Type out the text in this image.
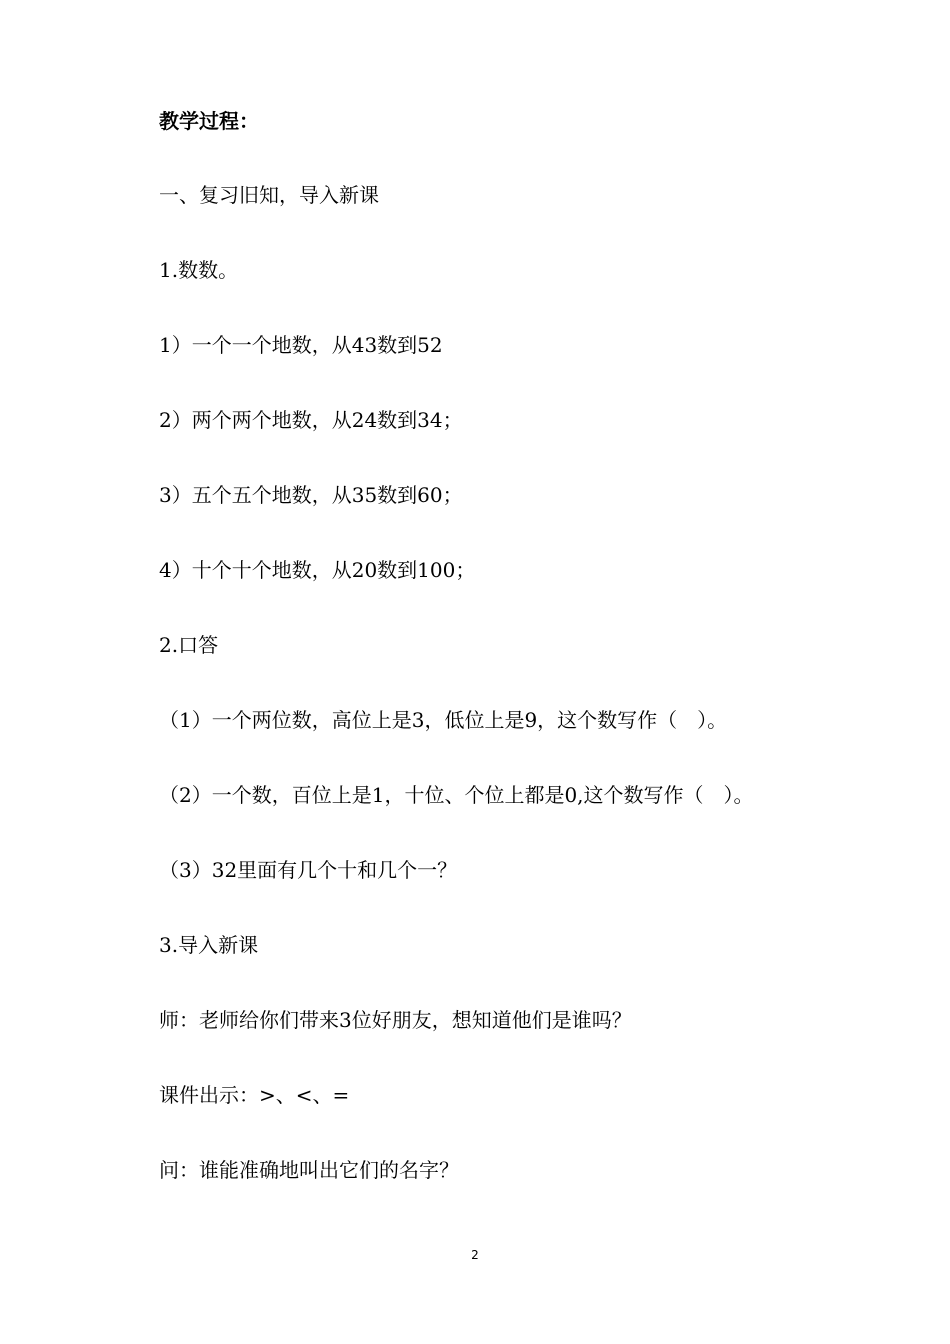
教学过程：
一、复习旧知，导入新课
1.数数。
1）一个一个地数，从43数到52
2）两个两个地数，从24数到34；
3）五个五个地数，从35数到60；
4）十个十个地数，从20数到100；
2.口答
（1）一个两位数，高位上是3，低位上是9，这个数写作（　）。
（2）一个数，百位上是1，十位、个位上都是0,这个数写作（　）。
（3）32里面有几个十和几个一？
3.导入新课
师：老师给你们带来3位好朋友，想知道他们是谁吗？
课件出示：>、<、=
问：谁能准确地叫出它们的名字？
2
